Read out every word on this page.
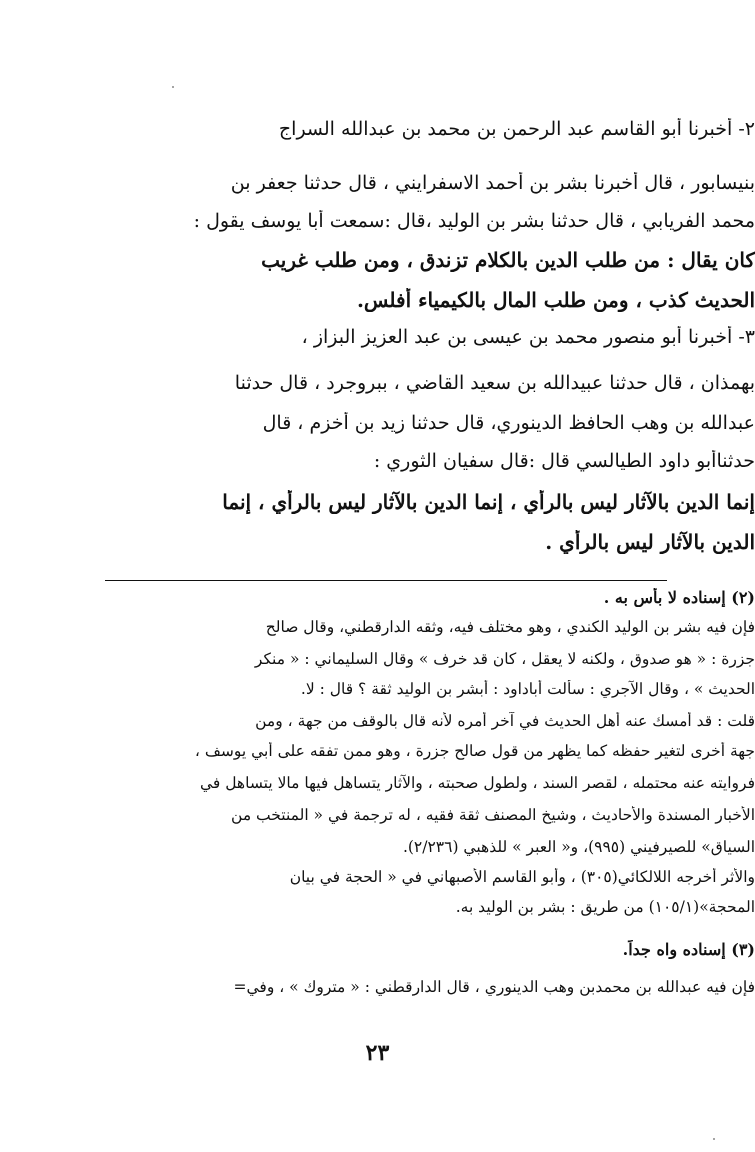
٢- أخبرنا أبو القاسم عبد الرحمن بن محمد بن عبدالله السراج
بنيسابور ، قال أخبرنا بشر بن أحمد الاسفرايني ، قال حدثنا جعفر بن
محمد الفريابي ، قال حدثنا بشر بن الوليد ،قال :سمعت أبا يوسف يقول :
كان يقال : من طلب الدين بالكلام تزندق ، ومن طلب غريب
الحديث كذب ، ومن طلب المال بالكيمياء أفلس.
٣- أخبرنا أبو منصور محمد بن عيسى بن عبد العزيز البزاز ،
بهمذان ، قال حدثنا عبيدالله بن سعيد القاضي ، ببروجرد ، قال حدثنا
عبدالله بن وهب الحافظ الدينوري، قال حدثنا زيد بن أخزم ، قال
حدثناأبو داود الطيالسي قال :قال سفيان الثوري :
إنما الدين بالآثار ليس بالرأي ، إنما الدين بالآثار ليس بالرأي ، إنما
الدين بالآثار ليس بالرأي .
(٢) إسناده لا بأس به .
فإن فيه بشر بن الوليد الكندي ، وهو مختلف فيه، وثقه الدارقطني، وقال صالح
جزرة : « هو صدوق ، ولكنه لا يعقل ، كان قد خرف » وقال السليماني : « منكر
الحديث » ، وقال الآجري : سألت أباداود : أبشر بن الوليد ثقة ؟ قال : لا.
قلت : قد أمسك عنه أهل الحديث في آخر أمره لأنه قال بالوقف من جهة ، ومن
جهة أخرى لتغير حفظه كما يظهر من قول صالح جزرة ، وهو ممن تفقه على أبي يوسف ،
فروايته عنه محتمله ، لقصر السند ، ولطول صحبته ، والآثار يتساهل فيها مالا يتساهل في
الأخبار المسندة والأحاديث ، وشيخ المصنف ثقة فقيه ، له ترجمة في « المنتخب من
السياق» للصيرفيني (٩٩٥)، و« العبر » للذهبي (٢/٢٣٦).
والأثر أخرجه اللالكائي(٣٠٥) ، وأبو القاسم الأصبهاني في « الحجة في بيان
المحجة»(١٠٥/١) من طريق : بشر بن الوليد به.
(٣) إسناده واه جداً.
فإن فيه عبدالله بن محمدبن وهب الدينوري ، قال الدارقطني : « متروك » ، وفي=
٢٣
